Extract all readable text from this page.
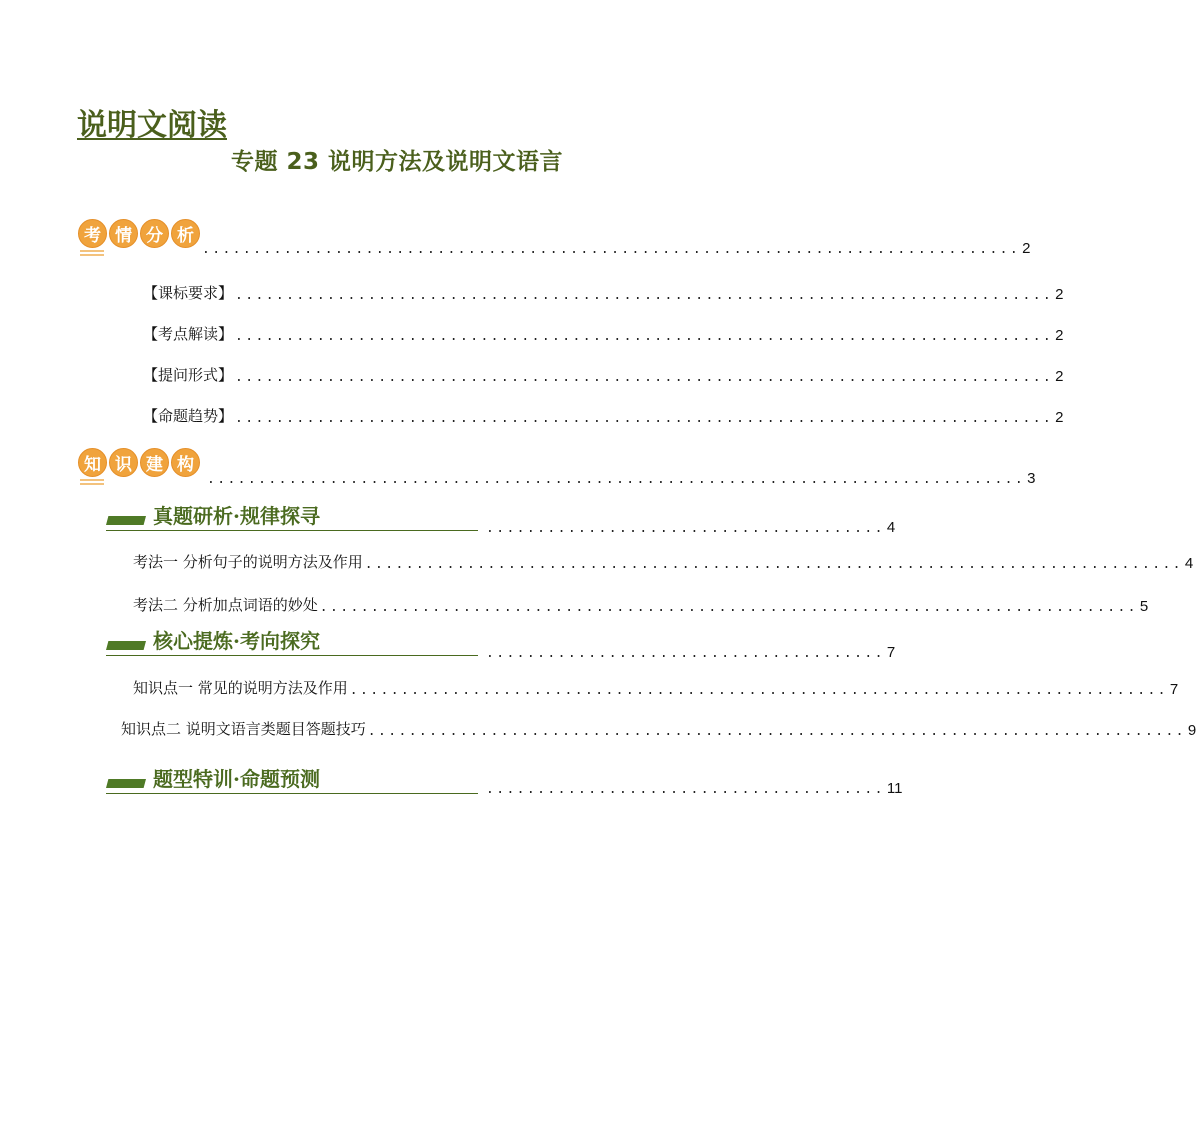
说明文阅读
专题 23 说明方法及说明文语言
考 情 分 析
................................................................................ 2
【课标要求】 ................................................................................ 2
【考点解读】 ................................................................................ 2
【提问形式】 ................................................................................ 2
【命题趋势】 ................................................................................ 2
知 识 建 构
................................................................................ 3
真题研析·规律探寻
....................................... 4
考法一 分析句子的说明方法及作用 ................................................................................ 4
考法二 分析加点词语的妙处 ................................................................................ 5
核心提炼·考向探究
....................................... 7
知识点一 常见的说明方法及作用 ................................................................................ 7
知识点二 说明文语言类题目答题技巧 ................................................................................ 9
题型特训·命题预测	....................................... 11
